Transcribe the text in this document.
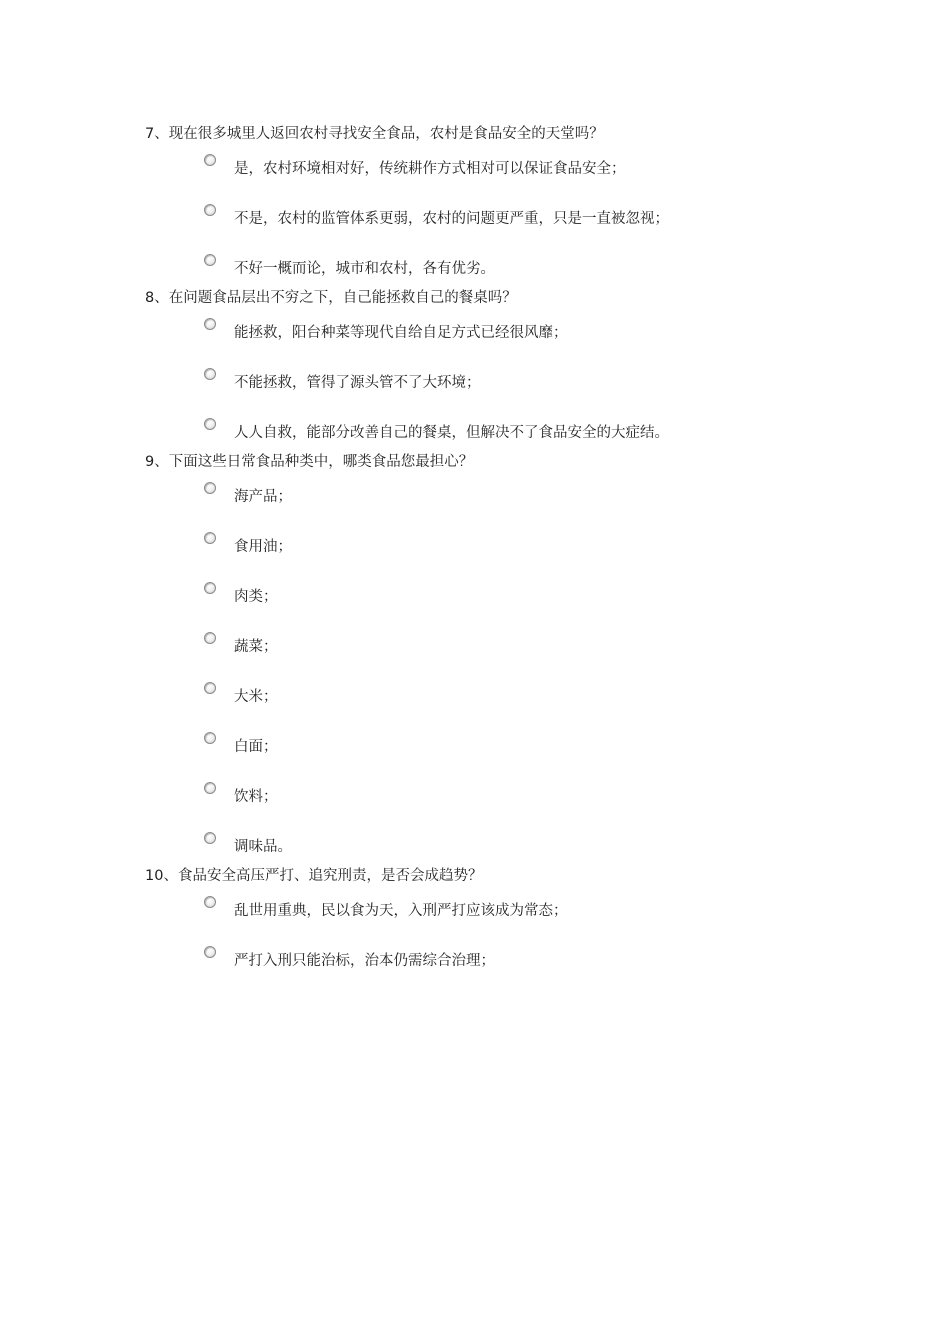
7、现在很多城里人返回农村寻找安全食品，农村是食品安全的天堂吗？
是，农村环境相对好，传统耕作方式相对可以保证食品安全；
不是，农村的监管体系更弱，农村的问题更严重，只是一直被忽视；
不好一概而论，城市和农村，各有优劣。
8、在问题食品层出不穷之下，自己能拯救自己的餐桌吗？
能拯救，阳台种菜等现代自给自足方式已经很风靡；
不能拯救，管得了源头管不了大环境；
人人自救，能部分改善自己的餐桌，但解决不了食品安全的大症结。
9、下面这些日常食品种类中，哪类食品您最担心？
海产品；
食用油；
肉类；
蔬菜；
大米；
白面；
饮料；
调味品。
10、食品安全高压严打、追究刑责，是否会成趋势？
乱世用重典，民以食为天，入刑严打应该成为常态；
严打入刑只能治标，治本仍需综合治理；
